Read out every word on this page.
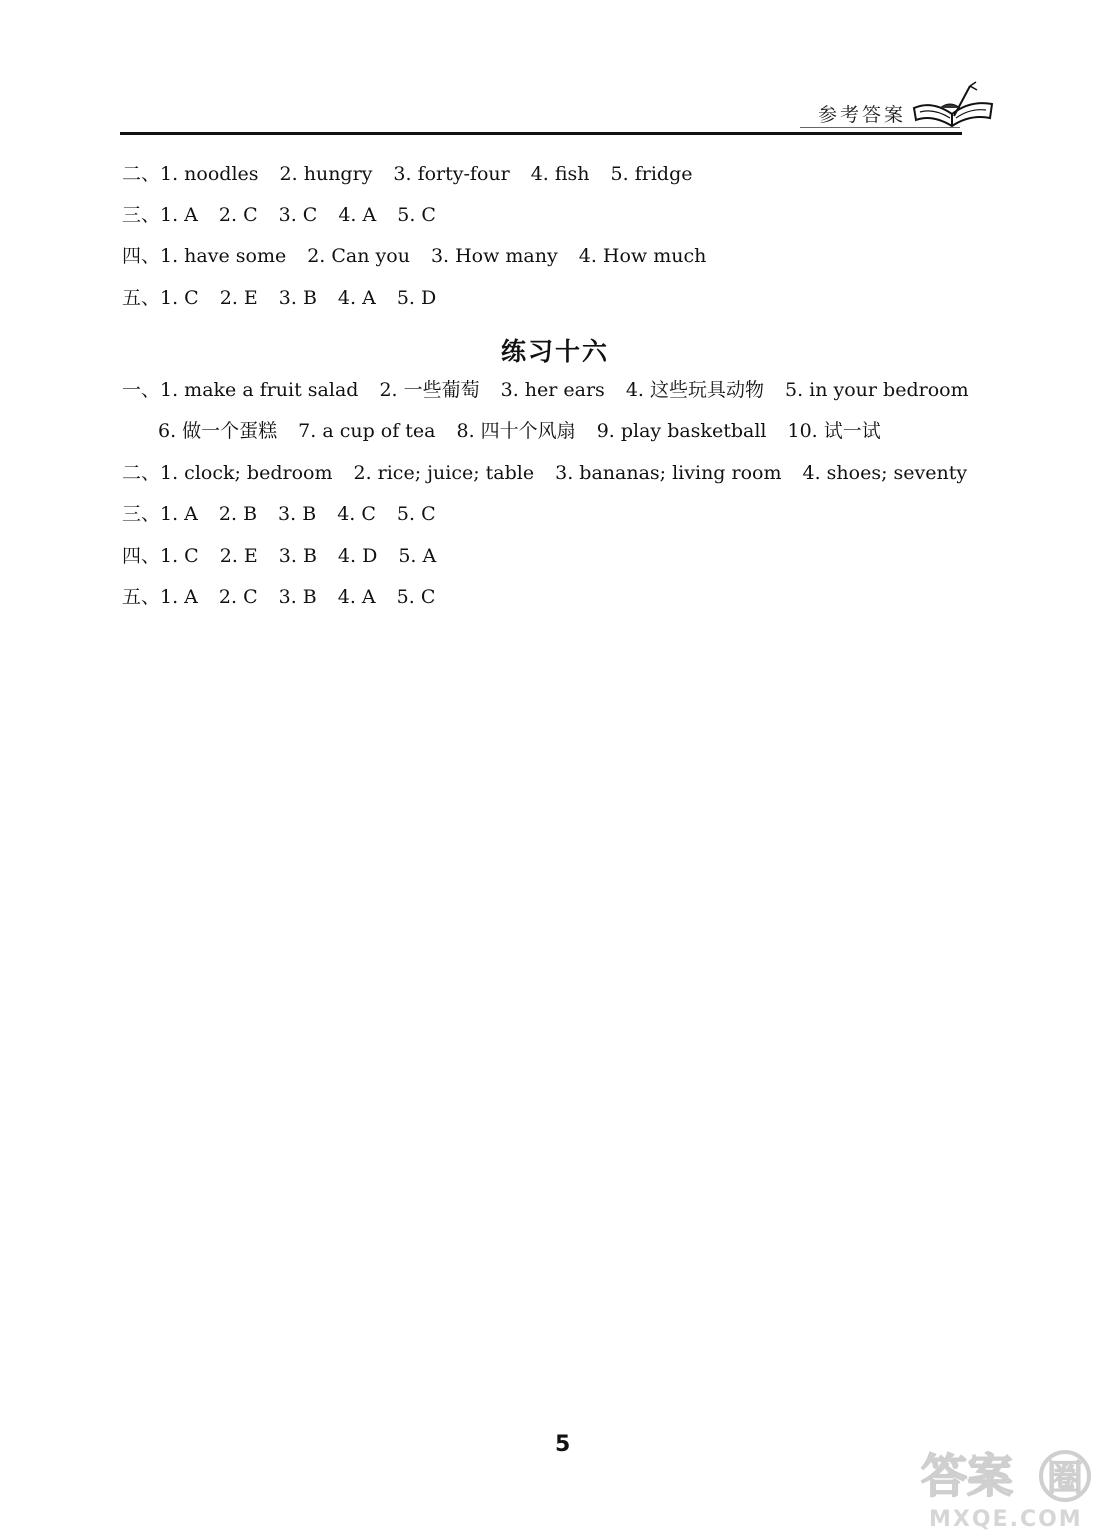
参考答案
二、1. noodles 2. hungry 3. forty-four 4. fish 5. fridge
三、1. A 2. C 3. C 4. A 5. C
四、1. have some 2. Can you 3. How many 4. How much
五、1. C 2. E 3. B 4. A 5. D
练习十六
一、1. make a fruit salad 2. 一些葡萄 3. her ears 4. 这些玩具动物 5. in your bedroom
6. 做一个蛋糕 7. a cup of tea 8. 四十个风扇 9. play basketball 10. 试一试
二、1. clock; bedroom 2. rice; juice; table 3. bananas; living room 4. shoes; seventy
三、1. A 2. B 3. B 4. C 5. C
四、1. C 2. E 3. B 4. D 5. A
五、1. A 2. C 3. B 4. A 5. C
5
答案 圈
MXQE.COM
